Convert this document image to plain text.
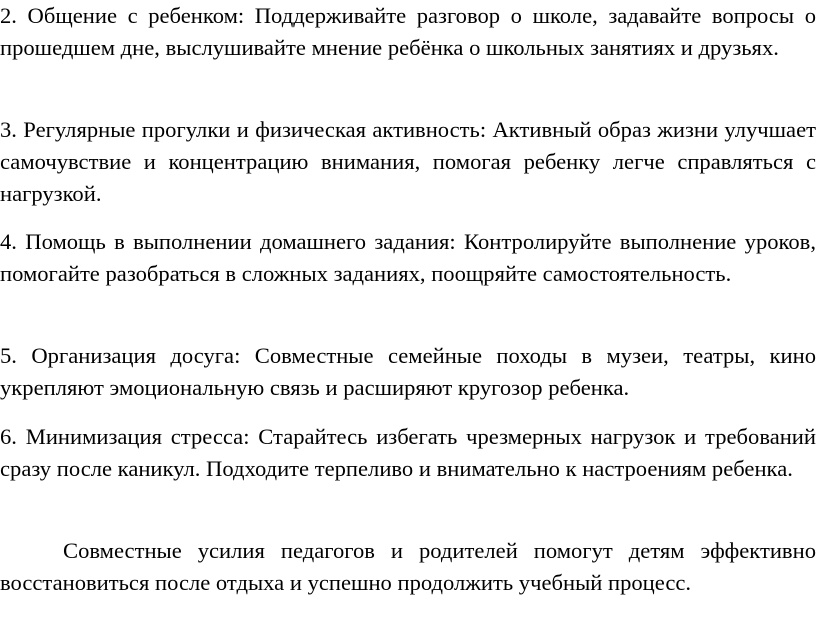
2. Общение с ребенком: Поддерживайте разговор о школе, задавайте вопросы о прошедшем дне, выслушивайте мнение ребёнка о школьных занятиях и друзьях.

3. Регулярные прогулки и физическая активность: Активный образ жизни улучшает самочувствие и концентрацию внимания, помогая ребенку легче справляться с нагрузкой.

4. Помощь в выполнении домашнего задания: Контролируйте выполнение уроков, помогайте разобраться в сложных заданиях, поощряйте самостоятельность.

5. Организация досуга: Совместные семейные походы в музеи, театры, кино укрепляют эмоциональную связь и расширяют кругозор ребенка.

6. Минимизация стресса: Старайтесь избегать чрезмерных нагрузок и требований сразу после каникул. Подходите терпеливо и внимательно к настроениям ребенка.

Совместные усилия педагогов и родителей помогут детям эффективно восстановиться после отдыха и успешно продолжить учебный процесс.
